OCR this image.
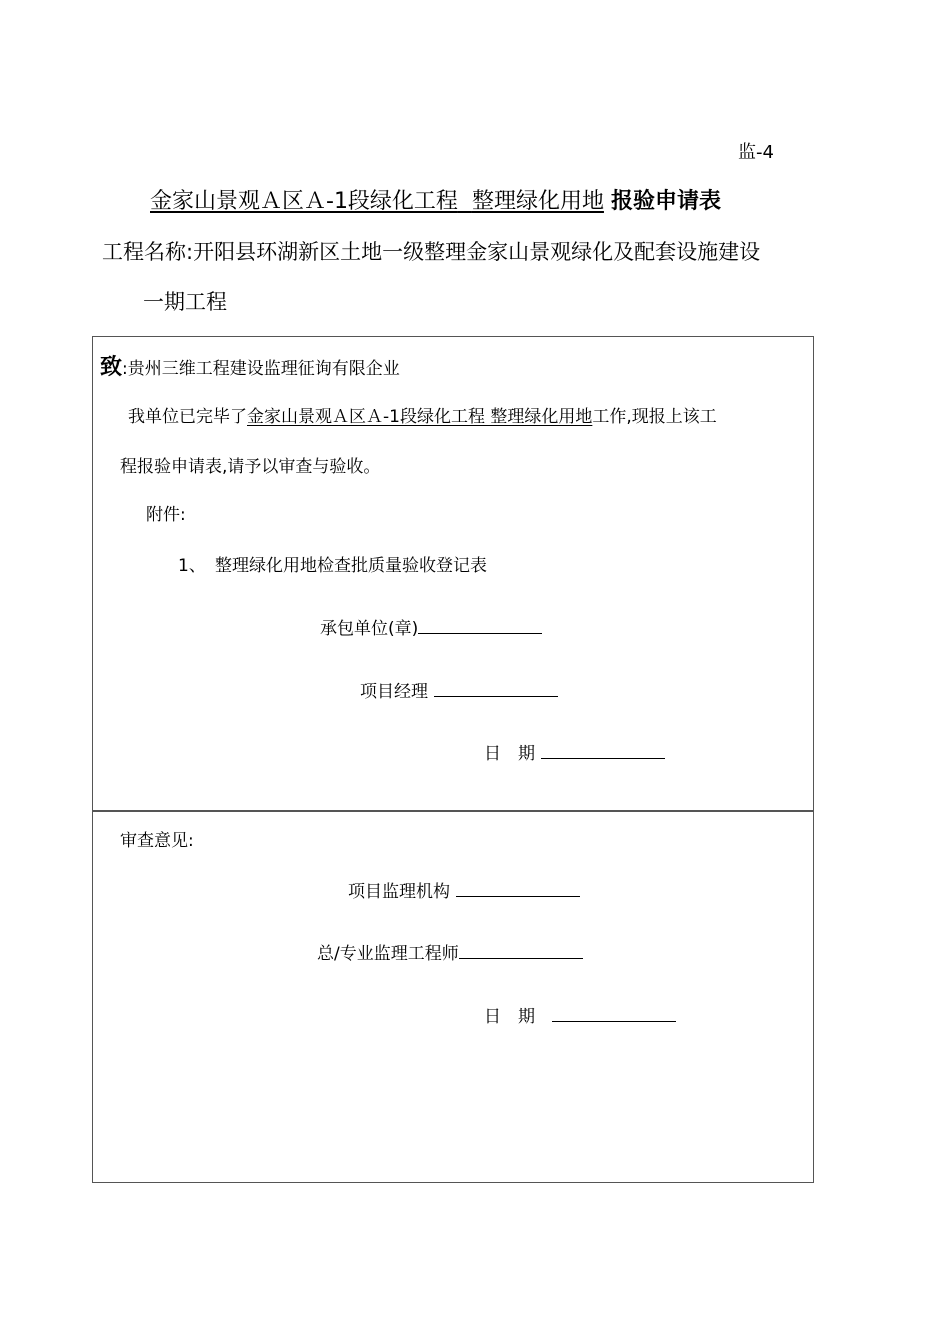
监-4
金家山景观Ａ区Ａ-1段绿化工程 整理绿化用地 报验申请表
工程名称:开阳县环湖新区土地一级整理金家山景观绿化及配套设施建设
一期工程
致:贵州三维工程建设监理征询有限企业
我单位已完毕了金家山景观Ａ区Ａ-1段绿化工程 整理绿化用地工作,现报上该工
程报验申请表,请予以审查与验收。
附件:
1、 整理绿化用地检查批质量验收登记表
承包单位(章)
项目经理
日　期
审查意见:
项目监理机构
总/专业监理工程师
日　期
